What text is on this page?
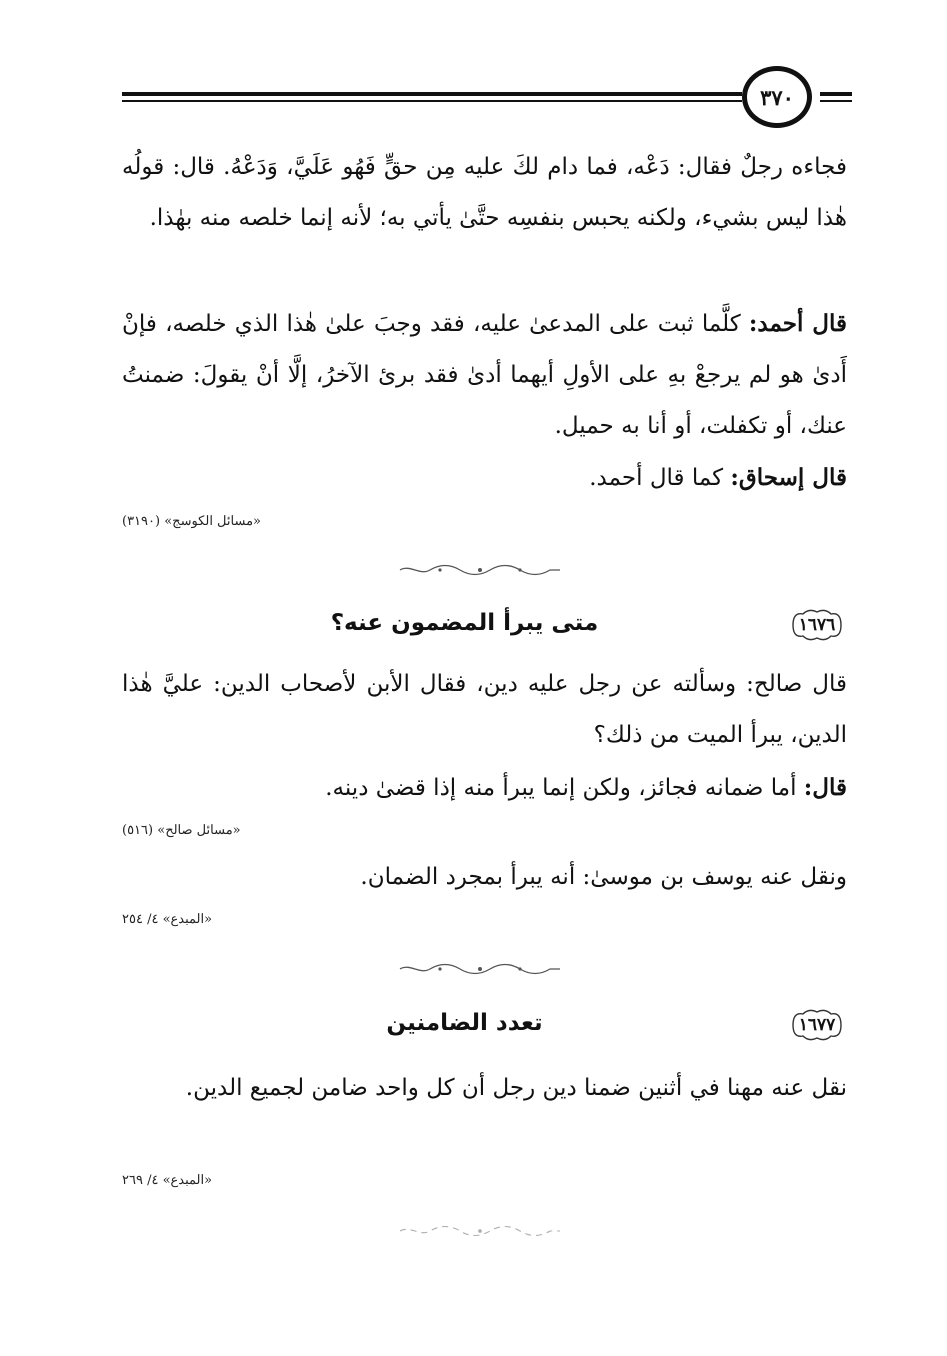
٣٧٠

فجاءه رجلٌ فقال: دَعْه، فما دام لكَ عليه مِن حقٍّ فَهُو عَلَيَّ، وَدَعْهُ. قال: قولُه هٰذا ليس بشيء، ولكنه يحبس بنفسِه حتَّىٰ يأتي به؛ لأنه إنما خلصه منه بهٰذا.

قال أحمد: كلَّما ثبت على المدعىٰ عليه، فقد وجبَ علىٰ هٰذا الذي خلصه، فإنْ أَدىٰ هو لم يرجعْ بهِ على الأولِ أيهما أدىٰ فقد برئ الآخرُ، إلَّا أنْ يقولَ: ضمنتُ عنك، أو تكفلت، أو أنا به حميل.

قال إسحاق: كما قال أحمد.

«مسائل الكوسج» (٣١٩٠)
١٦٧٦
متى يبرأ المضمون عنه؟

قال صالح: وسألته عن رجل عليه دين، فقال الأبن لأصحاب الدين: عليَّ هٰذا الدين، يبرأ الميت من ذلك؟

قال: أما ضمانه فجائز، ولكن إنما يبرأ منه إذا قضىٰ دينه.

«مسائل صالح» (٥١٦)

ونقل عنه يوسف بن موسىٰ: أنه يبرأ بمجرد الضمان.

«المبدع» ٤/ ٢٥٤
١٦٧٧
تعدد الضامنين

نقل عنه مهنا في أثنين ضمنا دين رجل أن كل واحد ضامن لجميع الدين.

«المبدع» ٤/ ٢٦٩
